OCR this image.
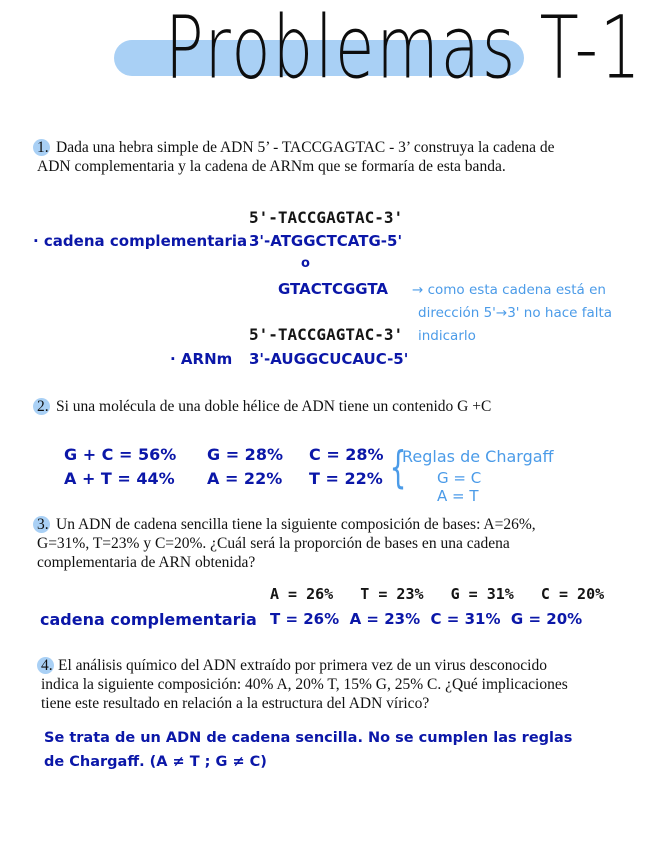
Problemas T-1
1. Dada una hebra simple de ADN 5’ - TACCGAGTAC - 3’ construya la cadena de
ADN complementaria y la cadena de ARNm que se formaría de esta banda.
5'-TACCGAGTAC-3'
· cadena complementaria 3'-ATGGCTCATG-5'
o
GTACTCGGTA → como esta cadena está en
dirección 5'→3' no hace falta
indicarlo
5'-TACCGAGTAC-3'
· ARNm 3'-AUGGCUCAUC-5'
2. Si una molécula de una doble hélice de ADN tiene un contenido G +C
G + C = 56%
A + T = 44%
G = 28%
A = 22%
C = 28%
T = 22% {
Reglas de Chargaff
G = C
A = T
3. Un ADN de cadena sencilla tiene la siguiente composición de bases: A=26%,
G=31%, T=23% y C=20%. ¿Cuál será la proporción de bases en una cadena
complementaria de ARN obtenida?
A = 26%   T = 23%   G = 31%   C = 20%
cadena complementaria T = 26%  A = 23%  C = 31%  G = 20%
4. El análisis químico del ADN extraído por primera vez de un virus desconocido
indica la siguiente composición: 40% A, 20% T, 15% G, 25% C. ¿Qué implicaciones
tiene este resultado en relación a la estructura del ADN vírico?
Se trata de un ADN de cadena sencilla. No se cumplen las reglas
de Chargaff. (A ≠ T ; G ≠ C)
